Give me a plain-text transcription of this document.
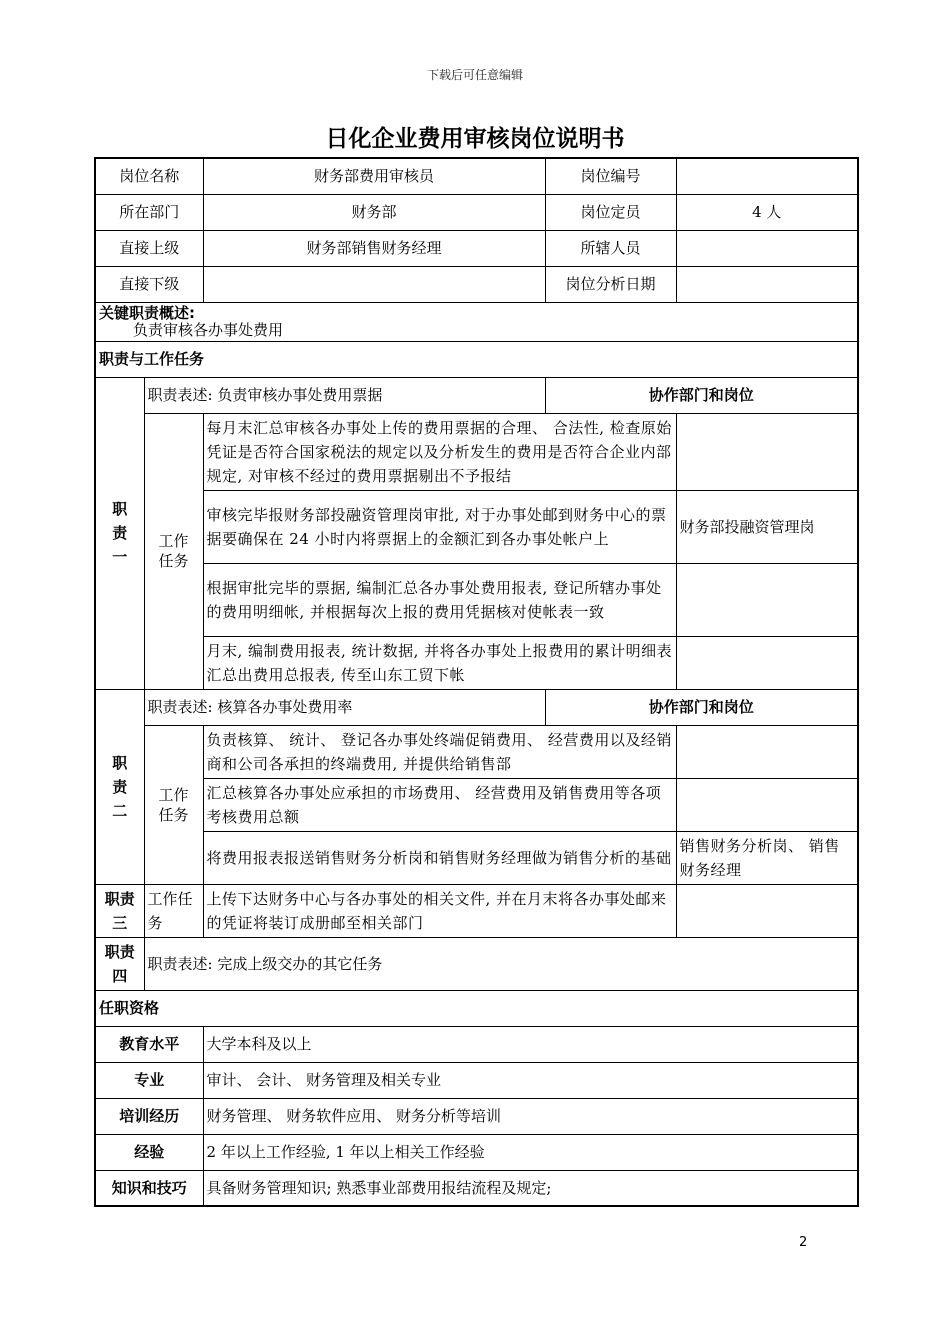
下载后可任意编辑
日化企业费用审核岗位说明书
岗位名称		财务部费用审核员	岗位编号	
所在部门		财务部	岗位定员	4 人
直接上级		财务部销售财务经理	所辖人员	
直接下级			岗位分析日期	

关键职责概述:
负责审核各办事处费用				

职责与工作任务				
职责一	职责表述: 负责审核办事处费用票据		协作部门和岗位	
	工作任务	每月末汇总审核各办事处上传的费用票据的合理、 合法性, 检查原始凭证是否符合国家税法的规定以及分析发生的费用是否符合企业内部规定, 对审核不经过的费用票据剔出不予报结		
		审核完毕报财务部投融资管理岗审批, 对于办事处邮到财务中心的票据要确保在 24 小时内将票据上的金额汇到各办事处帐户上		财务部投融资管理岗
		根据审批完毕的票据, 编制汇总各办事处费用报表, 登记所辖办事处的费用明细帐, 并根据每次上报的费用凭据核对使帐表一致		
		月末, 编制费用报表, 统计数据, 并将各办事处上报费用的累计明细表汇总出费用总报表, 传至山东工贸下帐		
职责二	职责表述: 核算各办事处费用率		协作部门和岗位	
	工作任务	负责核算、 统计、 登记各办事处终端促销费用、 经营费用以及经销商和公司各承担的终端费用, 并提供给销售部		
		汇总核算各办事处应承担的市场费用、 经营费用及销售费用等各项考核费用总额		
		将费用报表报送销售财务分析岗和销售财务经理做为销售分析的基础		销售财务分析岗、 销售财务经理
职责三	工作任务	上传下达财务中心与各办事处的相关文件, 并在月末将各办事处邮来的凭证将装订成册邮至相关部门		
职责四	职责表述: 完成上级交办的其它任务			
任职资格				
教育水平		大学本科及以上		
专业		审计、 会计、 财务管理及相关专业		
培训经历		财务管理、 财务软件应用、 财务分析等培训		
经验		2 年以上工作经验, 1 年以上相关工作经验		
知识和技巧		具备财务管理知识; 熟悉事业部费用报结流程及规定;		
2
